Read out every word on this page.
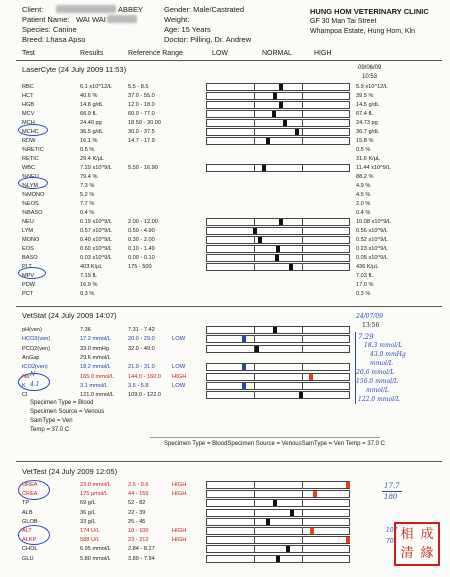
Client:	ABBEY
Patient Name: WAI WAI
Species: Canine
Breed: Lhasa Apso
Gender: Male/Castrated
Weight:
Age: 15 Years
Doctor: Pilling, Dr. Andrew
HUNG HOM VETERINARY CLINIC
GF 30 Man Tai Street
Whampoa Estate, Hung Hom, Kln
Test	Results	Reference Range	LOW	NORMAL	HIGH
LaserCyte (24 July 2009 11:53)	09/06/09
10:53
RBC	6.1 x10^12/L	5.5 - 8.5	5.9 x10^12/L
HCT	40.6 %	37.0 - 55.0	39.5 %
HGB	14.8 g/dL	12.0 - 18.0	14.5 g/dL
MCV	66.9 fL	60.0 - 77.0	67.4 fL
MCH	24.40 pg	18.50 - 30.00	24.73 pg
MCHC	36.5 g/dL	30.0 - 37.5	36.7 g/dL
RDW	16.1 %	14.7 - 17.9	15.8 %
%RETIC	0.5 %	0.5 %
RETIC	29.4 K/μL	31.6 K/μL
WBC	7.29 x10^9/L	5.50 - 16.90	11.44 x10^9/L
%NEU	79.4 %	88.2 %
%LYM	7.3 %	4.9 %
%MONO	5.2 %	4.5 %
%EOS	7.7 %	2.0 %
%BASO	0.4 %	0.4 %
NEU	6.19 x10^9/L	2.00 - 12.00	10.08 x10^9/L
LYM	0.57 x10^9/L	0.50 - 4.90	0.56 x10^9/L
MONO	0.40 x10^9/L	0.30 - 2.00	0.52 x10^9/L
EOS	0.60 x10^9/L	0.10 - 1.49	0.23 x10^9/L
BASO	0.03 x10^9/L	0.00 - 0.10	0.05 x10^9/L
PLT	403 K/μL	175 - 500	436 K/μL
MPV	7.19 fL	7.03 fL
PDW	16.9 %	17.0 %
PCT	0.3 %	0.3 %
VetStat (24 July 2009 14:07)
pH(ven)	7.36	7.31 - 7.42
HCO3(ven)	17.2 mmol/L	20.0 - 29.0	LOW
PCO2(ven)	33.0 mmHg	32.0 - 49.0
AnGap	29.6 mmol/L
tCO2(ven)	18.2 mmol/L	21.0 - 31.0	LOW
Na	165.0 mmol/L	144.0 - 160.0 HIGH
K	3.1 mmol/L	3.5 - 5.8	LOW
Cl	121.0 mmol/L	109.0 - 122.0
Specimen Type = Blood
Specimen Source = Venous
SamType = Ven
Temp = 37.0 C
Specimen Type = BloodSpecimen Source = VenousSamType = Ven Temp = 37.0 C
VetTest (24 July 2009 12:05)
UREA	23.0 mmol/L	2.5 - 9.6	HIGH
CREA	175 μmol/L	44 - 159	HIGH
TP	69 g/L	52 - 82
ALB	36 g/L	22 - 39
GLOB	33 g/L	25 - 45
ALT	174 U/L	10 - 100	HIGH
ALKP	588 U/L	23 - 212	HIGH
CHOL	6.95 mmol/L	2.84 - 8.27
GLU	5.80 mmol/L	3.89 - 7.94
24/07/09
13:56
7.29
18.3 mmol/L
43.0 mmHg
mmol/L
20.6 mmol/L
156.0 mmol/L
mmol/L
122.0 mmol/L
N
4.1
17.7
180
107
701 相 成
清 緣
